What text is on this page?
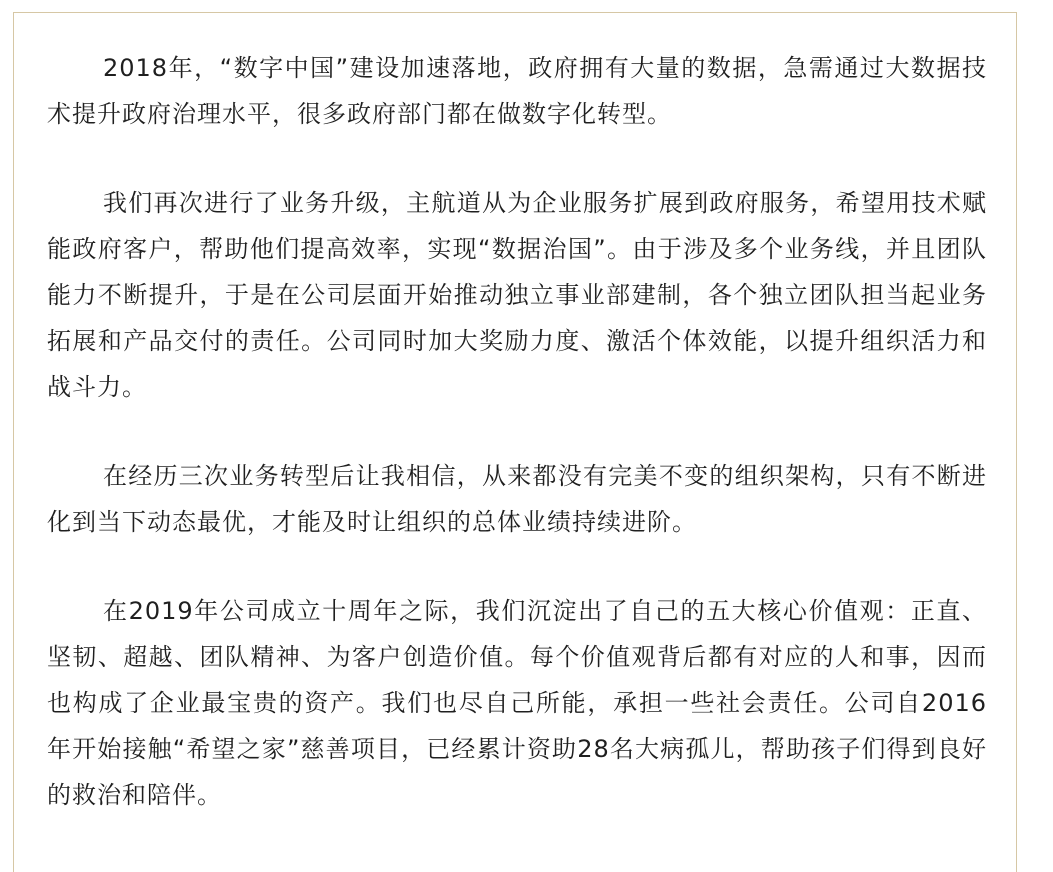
2018年，“数字中国”建设加速落地，政府拥有大量的数据，急需通过大数据技术提升政府治理水平，很多政府部门都在做数字化转型。

我们再次进行了业务升级，主航道从为企业服务扩展到政府服务，希望用技术赋能政府客户，帮助他们提高效率，实现“数据治国”。由于涉及多个业务线，并且团队能力不断提升，于是在公司层面开始推动独立事业部建制，各个独立团队担当起业务拓展和产品交付的责任。公司同时加大奖励力度、激活个体效能，以提升组织活力和战斗力。

在经历三次业务转型后让我相信，从来都没有完美不变的组织架构，只有不断进化到当下动态最优，才能及时让组织的总体业绩持续进阶。

在2019年公司成立十周年之际，我们沉淀出了自己的五大核心价值观：正直、坚韧、超越、团队精神、为客户创造价值。每个价值观背后都有对应的人和事，因而也构成了企业最宝贵的资产。我们也尽自己所能，承担一些社会责任。公司自2016年开始接触“希望之家”慈善项目，已经累计资助28名大病孤儿，帮助孩子们得到良好的救治和陪伴。
